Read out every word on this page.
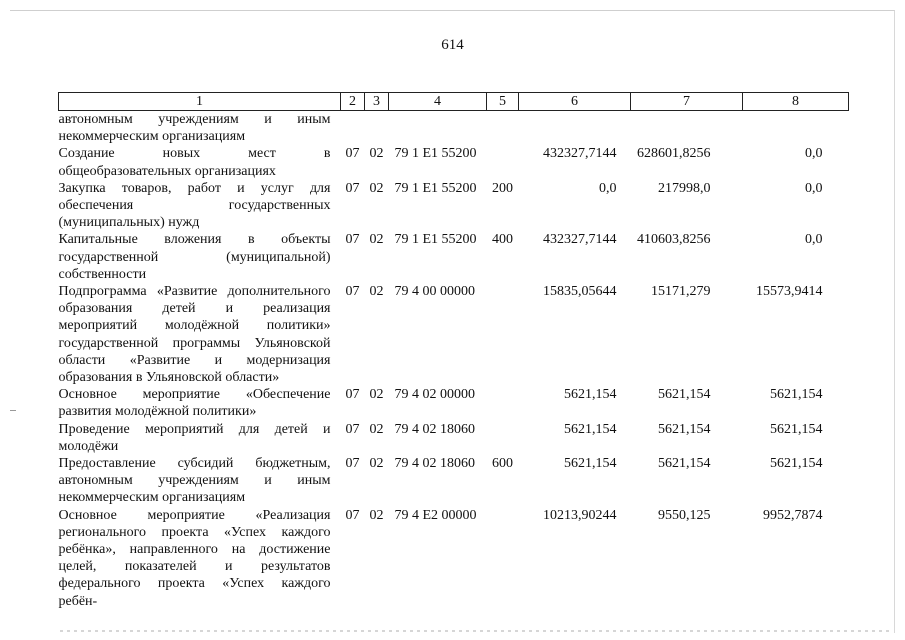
614
1	2	3	4	5	6	7	8
автономным учреждениям и иным некоммерческим организациям							
Создание новых мест в общеобразовательных организациях	07	02	79 1 E1 55200		432327,7144	628601,8256	0,0
Закупка товаров, работ и услуг для обеспечения государственных (муниципальных) нужд	07	02	79 1 E1 55200	200	0,0	217998,0	0,0
Капитальные вложения в объекты государственной (муниципальной) собственности	07	02	79 1 E1 55200	400	432327,7144	410603,8256	0,0
Подпрограмма «Развитие дополнительного образования детей и реализация мероприятий молодёжной политики» государственной программы Ульяновской области «Развитие и модернизация образования в Ульяновской области»	07	02	79 4 00 00000		15835,05644	15171,279	15573,9414
Основное мероприятие «Обеспечение развития молодёжной политики»	07	02	79 4 02 00000		5621,154	5621,154	5621,154
Проведение мероприятий для детей и молодёжи	07	02	79 4 02 18060		5621,154	5621,154	5621,154
Предоставление субсидий бюджетным, автономным учреждениям и иным некоммерческим организациям	07	02	79 4 02 18060	600	5621,154	5621,154	5621,154
Основное мероприятие «Реализация регионального проекта «Успех каждого ребёнка», направленного на достижение целей, показателей и результатов федерального проекта «Успех каждого ребён-	07	02	79 4 E2 00000		10213,90244	9550,125	9952,7874
